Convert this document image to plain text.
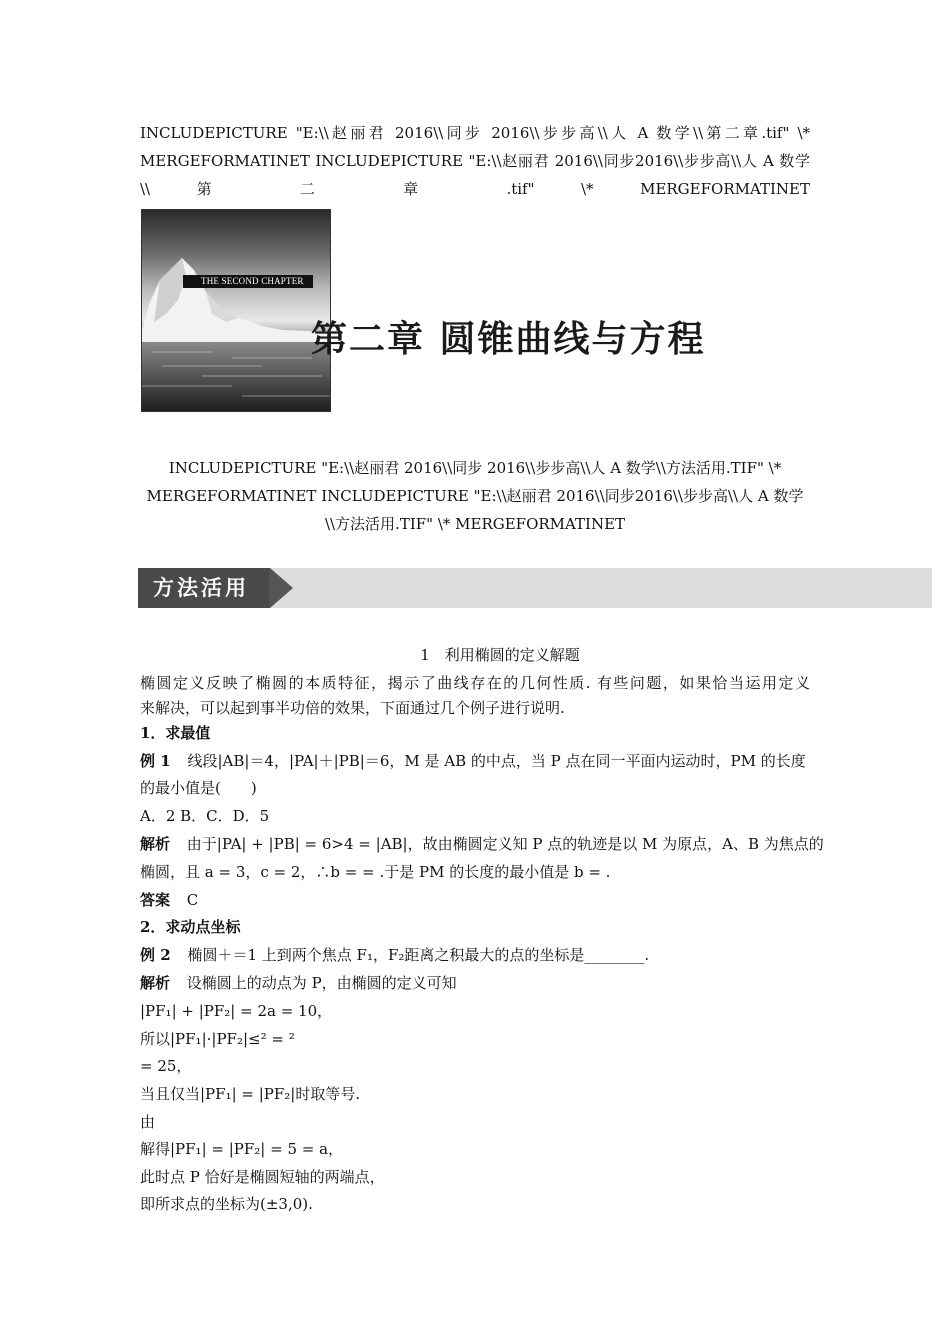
INCLUDEPICTURE "E:\\赵丽君 2016\\同步 2016\\步步高\\人 A 数学\\第二章.tif" \*
MERGEFORMATINET INCLUDEPICTURE "E:\\赵丽君 2016\\同步2016\\步步高\\人 A 数学
\\ 第 二 章 .tif" \* MERGEFORMATINET
THE SECOND CHAPTER
第二章 圆锥曲线与方程
INCLUDEPICTURE "E:\\赵丽君 2016\\同步 2016\\步步高\\人 A 数学\\方法活用.TIF" \*
MERGEFORMATINET INCLUDEPICTURE "E:\\赵丽君 2016\\同步2016\\步步高\\人 A 数学
\\方法活用.TIF" \* MERGEFORMATINET
方法活用
1　利用椭圆的定义解题
椭圆定义反映了椭圆的本质特征，揭示了曲线存在的几何性质. 有些问题，如果恰当运用定义
来解决，可以起到事半功倍的效果，下面通过几个例子进行说明.
1．求最值
例 1 线段|AB|＝4，|PA|＋|PB|＝6，M 是 AB 的中点，当 P 点在同一平面内运动时，PM 的长度
的最小值是(　　)
A．2 B．C．D．5
解析 由于|PA| + |PB| = 6>4 = |AB|，故由椭圆定义知 P 点的轨迹是以 M 为原点，A、B 为焦点的
椭圆，且 a = 3，c = 2，∴b = = .于是 PM 的长度的最小值是 b = .
答案 C
2．求动点坐标
例 2 椭圆＋＝1 上到两个焦点 F₁，F₂距离之积最大的点的坐标是________.
解析 设椭圆上的动点为 P，由椭圆的定义可知
|PF₁| + |PF₂| = 2a = 10，
所以|PF₁|·|PF₂|≤² = ²
= 25，
当且仅当|PF₁| = |PF₂|时取等号.
由
解得|PF₁| = |PF₂| = 5 = a，
此时点 P 恰好是椭圆短轴的两端点，
即所求点的坐标为(±3,0).
